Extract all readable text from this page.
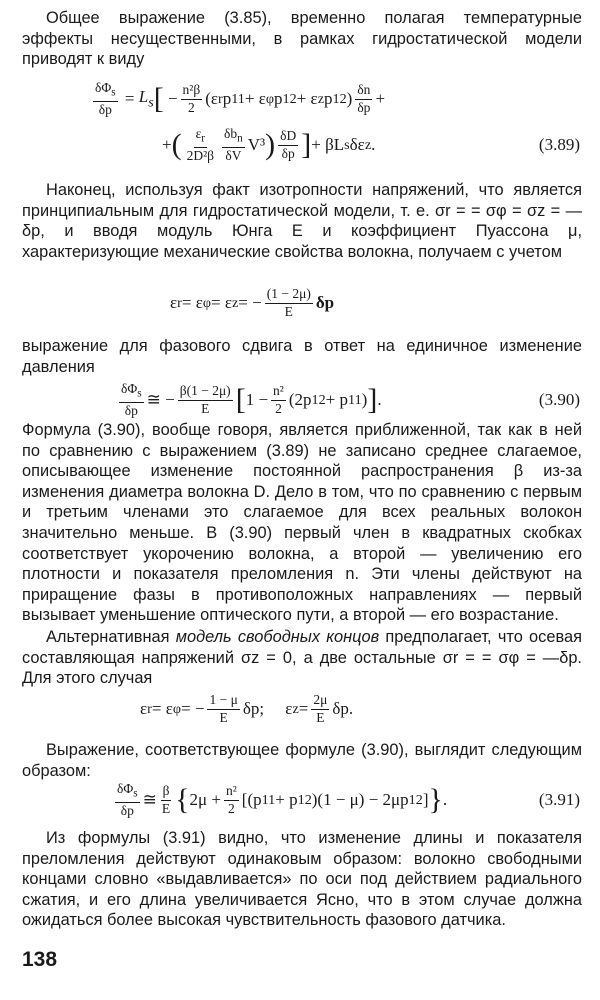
Общее выражение (3.85), временно полагая температурные эффекты несущественными, в рамках гидростатической модели приводят к виду

$\frac{\delta\Phi_s}{\delta p} = L_s$ [ − $\frac{\text{n²β}}{2} (\varepsilon$ r p 11 + ε φ p 12 + ε z p 12 ) $\frac{\delta n}{\delta p}$ +
+ ( $\frac{\varepsilon_r}{\text{2D²β}} \frac{\delta b_n}{\delta V} V^3$ ) $\frac{\delta D}{\delta p}$ ] + βL s δε z .	(3.89)

Наконец, используя факт изотропности напряжений, что является принципиальным для гидростатической модели, т. е. σr = = σφ = σz = —δp, и вводя модуль Юнга E и коэффициент Пуассона μ, характеризующие механические свойства волокна, получаем с учетом

ε r = ε φ = ε z = − $\frac{(1 - 2\mu)}{E}$ δp

выражение для фазового сдвига в ответ на единичное изменение давления

$\frac{\delta\Phi_s}{\delta p}$ ≅ − $\frac{\beta(1 - 2\mu)}{E}$ [ $1 - \frac{\text{n²}}{2} (2p$ 12 + p 11 ) ] .	(3.90)

Формула (3.90), вообще говоря, является приближенной, так как в ней по сравнению с выражением (3.89) не записано среднее слагаемое, описывающее изменение постоянной распространения β из-за изменения диаметра волокна D. Дело в том, что по сравнению с первым и третьим членами это слагаемое для всех реальных волокон значительно меньше. В (3.90) первый член в квадратных скобках соответствует укорочению волокна, а второй — увеличению его плотности и показателя преломления n. Эти члены действуют на приращение фазы в противоположных направлениях — первый вызывает уменьшение оптического пути, а второй — его возрастание.

Альтернативная модель свободных концов предполагает, что осевая составляющая напряжений σz = 0, а две остальные σr = = σφ = —δp. Для этого случая

ε r = ε φ = − $\frac{1 - \mu}{E} \delta p$;     ε $z = \frac{2\mu}{E} \delta p$.

Выражение, соответствующее формуле (3.90), выглядит следующим образом:

$\frac{\delta\Phi_s}{\delta p}$ ≅ $\frac{\beta}{E}$ { $2\mu + \frac{\text{n²}}{2} [(p$ 11 + p 12 )(1 − μ) − 2μp 12 ] } .	(3.91)

Из формулы (3.91) видно, что изменение длины и показателя преломления действуют одинаковым образом: волокно свободными концами словно «выдавливается» по оси под действием радиального сжатия, и его длина увеличивается Ясно, что в этом случае должна ожидаться более высокая чувствительность фазового датчика.

138
